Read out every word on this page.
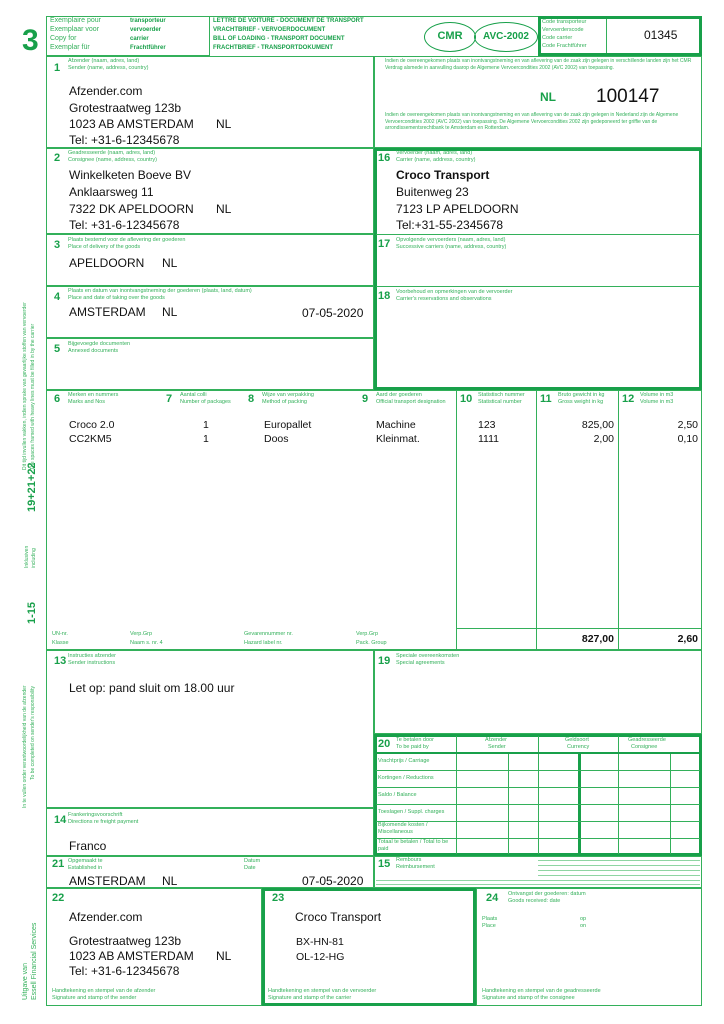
3
Dit tijd invullen vakken, indien sprake van gevaarlijke stoffen van vervoerder The spaces framed with heavy lines must be filled in by the carrier
19+21+22
Inklusiven including
1-15
In te vullen onder verantwoordelijkheid van de afzender To be completed on sender's responsibility
Uitgave van Essell Financial Services
Exemplaire pour	transporteur
Exemplaar voor	vervoerder
Copy for	carrier
Exemplar für	Frachtführer
LETTRE DE VOITURE - DOCUMENT DE TRANSPORT
VRACHTBRIEF - VERVOERDOCUMENT
BILL OF LOADING - TRANSPORT DOCUMENT
FRACHTBRIEF - TRANSPORTDOKUMENT
CMR	AVC-2002
Code transporteur
Vervoerderscode
Code carrier
Code Frachtführer
01345
1
Afzender (naam, adres, land)
Sender (name, address, country)
Afzender.com
Grotestraatweg 123b
1023 AB AMSTERDAM NL
Tel: +31-6-12345678
Indien de overeengekomen plaats van inontvangstneming en van aflevering van de zaak zijn gelegen in verschillende landen zijn het CMR Verdrag alsmede in aanvulling daarop de Algemene Vervoercondities 2002 (AVC 2002) van toepassing.
NL 100147
Indien de overeengekomen plaats van inontvangstneming en van aflevering van de zaak zijn gelegen in Nederland zijn de Algemene Vervoercondities 2002 (AVC 2002) van toepassing. De Algemene Vervoercondities 2002 zijn gedeponeerd ter griffie van de arrondissementsrechtbank te Amsterdam en Rotterdam.
2 Geadresseerde (naam, adres, land)
Consignee (name, address, country)
Winkelketen Boeve BV
Anklaarsweg 11
7322 DK APELDOORN NL
Tel: +31-6-12345678
16 Vervoerder (naam, adres, land)
Carrier (name, address, country)
Croco Transport
Buitenweg 23
7123 LP APELDOORN
Tel:+31-55-2345678
3 Plaats bestemd voor de aflevering der goederen
Place of delivery of the goods
APELDOORN NL
17 Opvolgende vervoerders (naam, adres, land)
Successive carriers (name, address, country)
4 Plaats en datum van inontvangstneming der goederen (plaats, land, datum)
Place and date of taking over the goods
AMSTERDAM NL	07-05-2020
18 Voorbehoud en opmerkingen van de vervoerder
Carrier's reservations and observations
5 Bijgevoegde documenten
Annexed documents
6 Merken en nummers
Marks and Nos	7 Aantal colli
Number of packages 8 Wijze van verpakking
Method of packing	9 Aard der goederen
Official transport designation 10 Statistisch nummer
Statistical number 11 Bruto gewicht in kg
Gross weight in kg 12 Volume in m3
Volume in m3
Croco 2.0	1	Europallet	Machine	123	825,00	2,50
CC2KM5	1	Doos	Kleinmat.	1111	2,00	0,10
UN-nr.
Naam s. nr. 4
Klasse
Verp.Grp	Gevarennummer nr.
Hazard label nr.
Verp.Grp
Pack. Group	827,00	2,60
13 Instructies afzender
Sender instructions
Let op: pand sluit om 18.00 uur
19 Speciale overeenkomsten
Special agreements
20 Te betalen door
To be paid by
Afzender
Sender
Geldsoort
Currency
Geadresseerde
Consignee
Vrachtprijs / Carriage
Kortingen / Reductions
Saldo / Balance
Toeslagen / Suppl. charges
Bijkomende kosten / Miscellaneous
Totaal te betalen / Total to be paid
14 Frankeringsvoorschrift
Directions re freight payment
Franco
21 Opgemaakt te
Established in
Datum
Date
AMSTERDAM NL	07-05-2020
15 Rembours
Reimbursement
22
Afzender.com
Grotestraatweg 123b
1023 AB AMSTERDAM NL
Tel: +31-6-12345678
Handtekening en stempel van de afzender
Signature and stamp of the sender
23
Croco Transport
BX-HN-81
OL-12-HG
Handtekening en stempel van de vervoerder
Signature and stamp of the carrier
24 Ontvangst der goederen: datum
Goods received: date
Plaats
Place
op
on
Handtekening en stempel van de geadresseerde
Signature and stamp of the consignee
